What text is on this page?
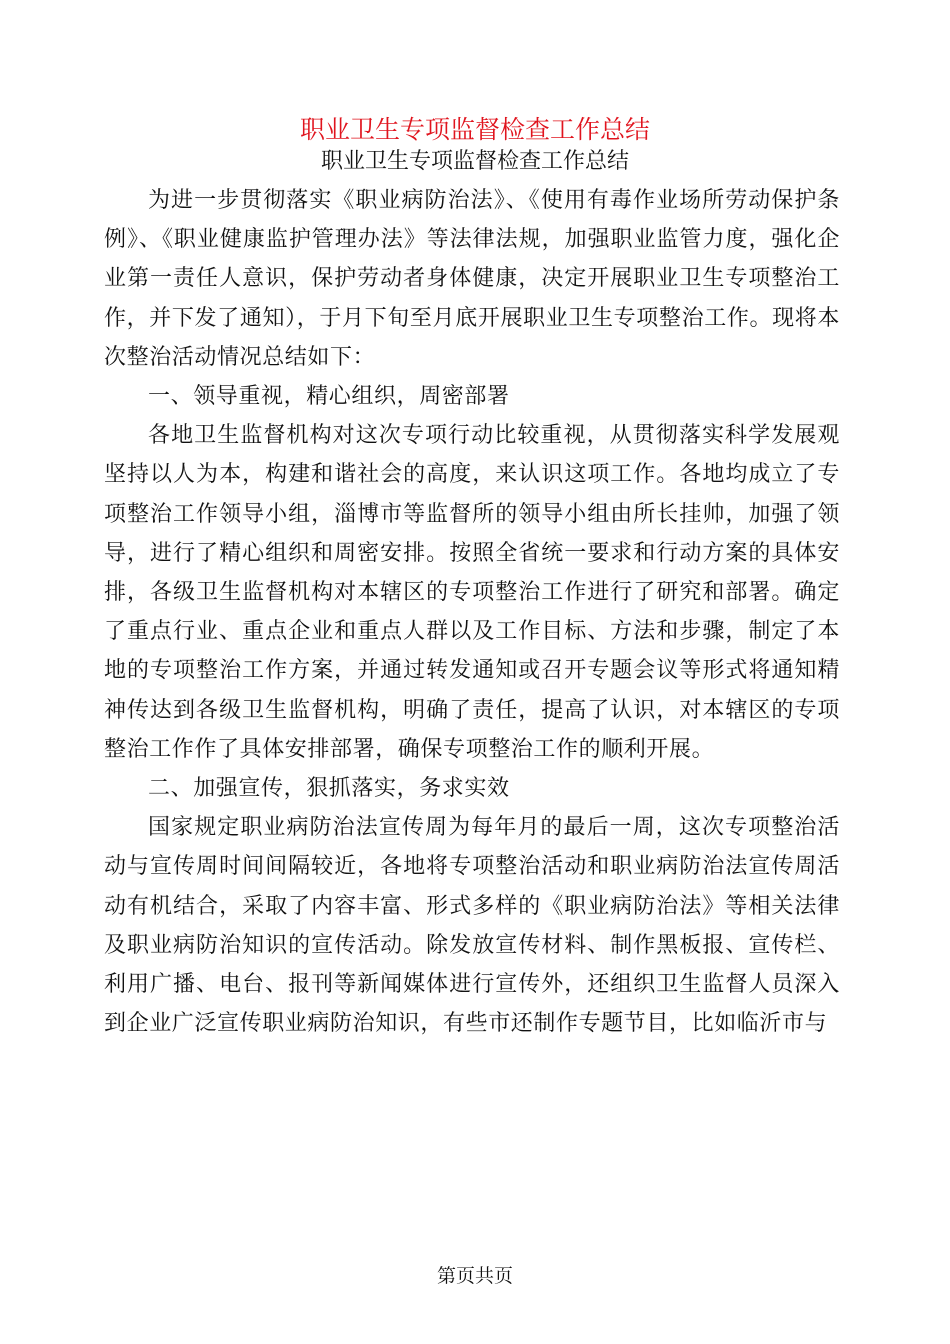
职业卫生专项监督检查工作总结
职业卫生专项监督检查工作总结

为进一步贯彻落实《职业病防治法》、《使用有毒作业场所劳动保护条例》、《职业健康监护管理办法》等法律法规，加强职业监管力度，强化企业第一责任人意识，保护劳动者身体健康，决定开展职业卫生专项整治工作，并下发了通知），于月下旬至月底开展职业卫生专项整治工作。现将本次整治活动情况总结如下：

一、领导重视，精心组织，周密部署

各地卫生监督机构对这次专项行动比较重视，从贯彻落实科学发展观坚持以人为本，构建和谐社会的高度，来认识这项工作。各地均成立了专项整治工作领导小组，淄博市等监督所的领导小组由所长挂帅，加强了领导，进行了精心组织和周密安排。按照全省统一要求和行动方案的具体安排，各级卫生监督机构对本辖区的专项整治工作进行了研究和部署。确定了重点行业、重点企业和重点人群以及工作目标、方法和步骤，制定了本地的专项整治工作方案，并通过转发通知或召开专题会议等形式将通知精神传达到各级卫生监督机构，明确了责任，提高了认识，对本辖区的专项整治工作作了具体安排部署，确保专项整治工作的顺利开展。

二、加强宣传，狠抓落实，务求实效

国家规定职业病防治法宣传周为每年月的最后一周，这次专项整治活动与宣传周时间间隔较近，各地将专项整治活动和职业病防治法宣传周活动有机结合，采取了内容丰富、形式多样的《职业病防治法》等相关法律及职业病防治知识的宣传活动。除发放宣传材料、制作黑板报、宣传栏、利用广播、电台、报刊等新闻媒体进行宣传外，还组织卫生监督人员深入到企业广泛宣传职业病防治知识，有些市还制作专题节目，比如临沂市与

第页共页
